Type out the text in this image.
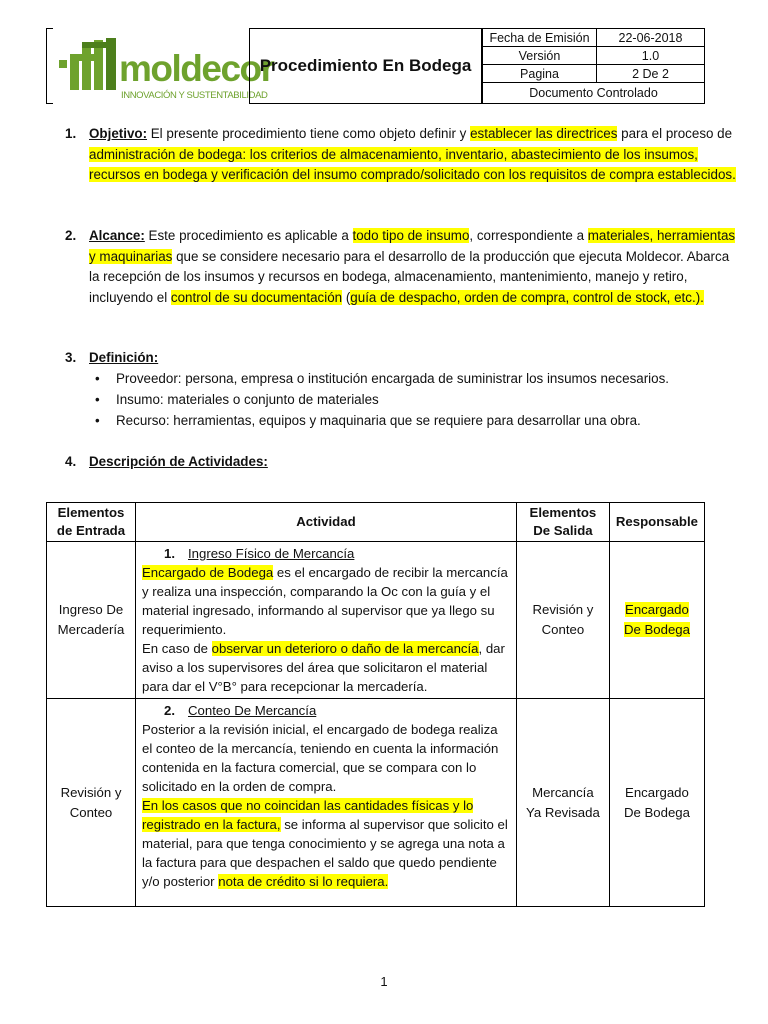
moldecor
INNOVACIÓN Y SUSTENTABILIDAD
Procedimiento En Bodega
Fecha de Emisión	22-06-2018
Versión	1.0
Pagina	2 De 2
Documento Controlado	
1. Objetivo: El presente procedimiento tiene como objeto definir y establecer las directrices para el proceso de administración de bodega: los criterios de almacenamiento, inventario, abastecimiento de los insumos, recursos en bodega y verificación del insumo comprado/solicitado con los requisitos de compra establecidos.
2. Alcance: Este procedimiento es aplicable a todo tipo de insumo, correspondiente a materiales, herramientas y maquinarias que se considere necesario para el desarrollo de la producción que ejecuta Moldecor. Abarca la recepción de los insumos y recursos en bodega, almacenamiento, mantenimiento, manejo y retiro, incluyendo el control de su documentación (guía de despacho, orden de compra, control de stock, etc.).
3. Definición:
• Proveedor: persona, empresa o institución encargada de suministrar los insumos necesarios.
• Insumo: materiales o conjunto de materiales
• Recurso: herramientas, equipos y maquinaria que se requiere para desarrollar una obra.
4. Descripción de Actividades:
Elementos de Entrada	Actividad	Elementos De Salida	Responsable
Ingreso De Mercadería	1. Ingreso Físico de Mercancía
Encargado de Bodega es el encargado de recibir la mercancía y realiza una inspección, comparando la Oc con la guía y el material ingresado, informando al supervisor que ya llego su requerimiento.
En caso de observar un deterioro o daño de la mercancía, dar aviso a los supervisores del área que solicitaron el material para dar el V°B° para recepcionar la mercadería.	Revisión y Conteo	Encargado De Bodega
Revisión y Conteo	2. Conteo De Mercancía
Posterior a la revisión inicial, el encargado de bodega realiza el conteo de la mercancía, teniendo en cuenta la información contenida en la factura comercial, que se compara con lo solicitado en la orden de compra.
En los casos que no coincidan las cantidades físicas y lo registrado en la factura, se informa al supervisor que solicito el material, para que tenga conocimiento y se agrega una nota a la factura para que despachen el saldo que quedo pendiente y/o posterior nota de crédito si lo requiera.	Mercancía Ya Revisada	Encargado De Bodega
1
